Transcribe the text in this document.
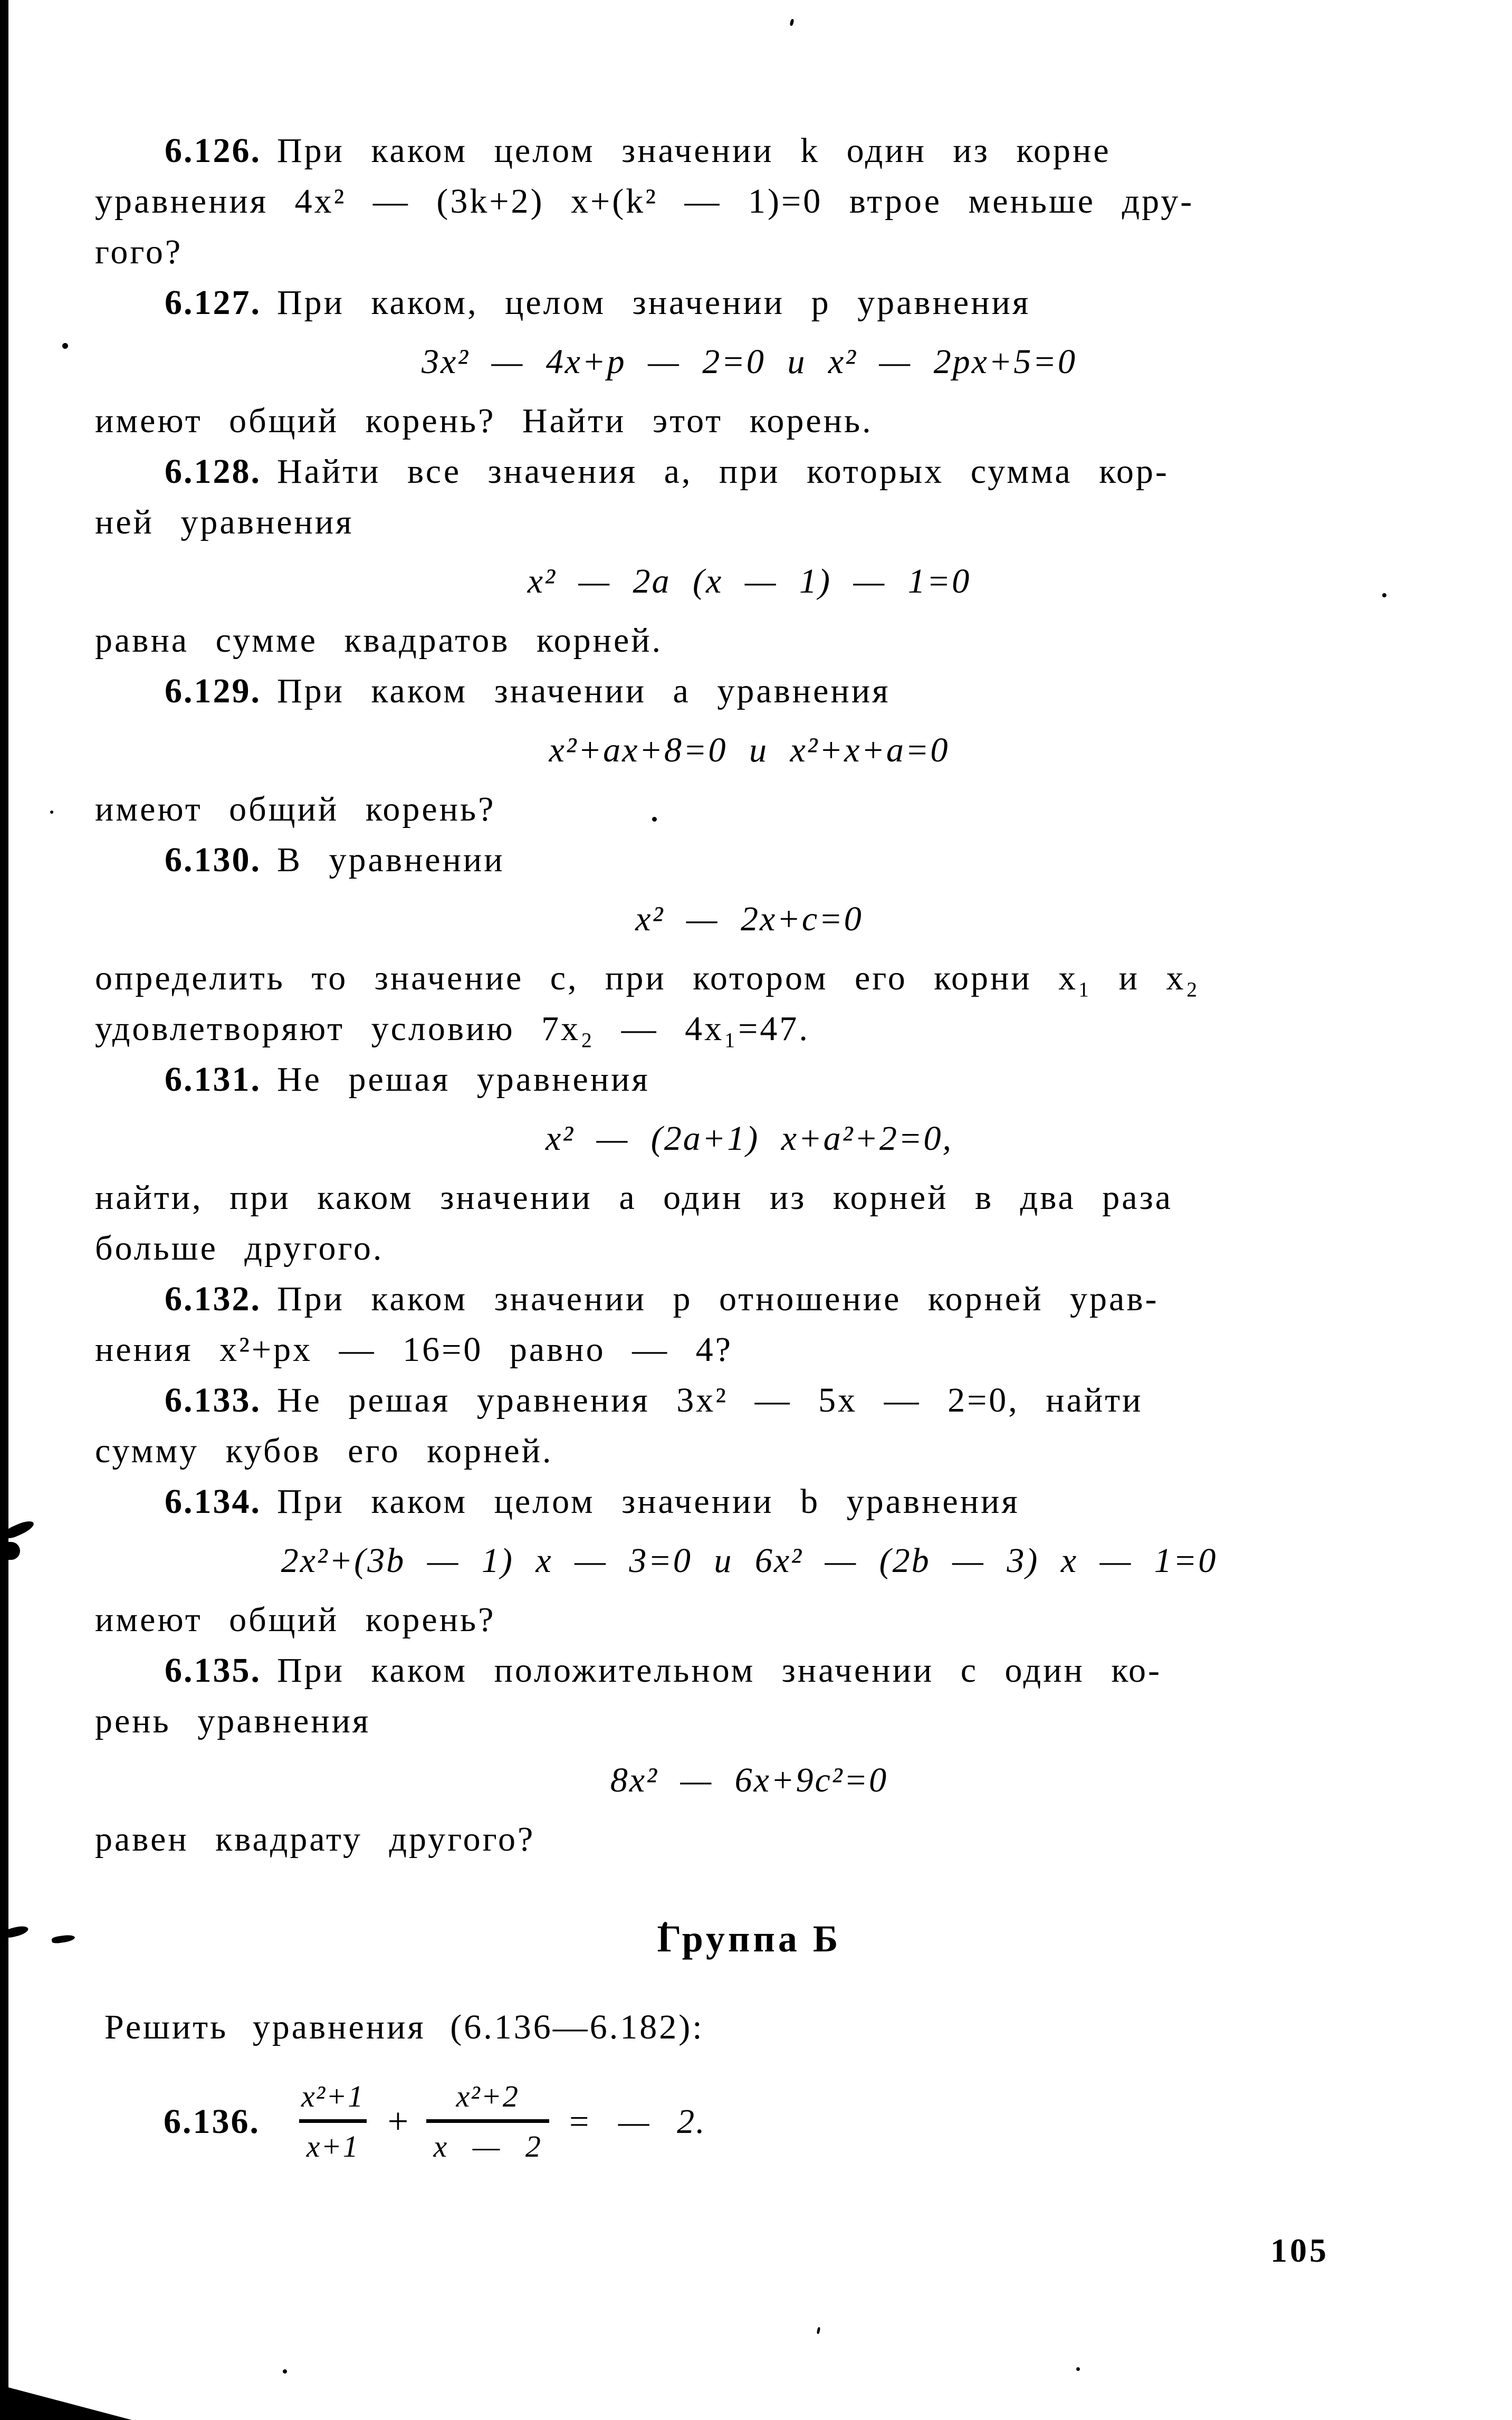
6.126. При каком целом значении k один из корне
уравнения 4x² — (3k+2) x+(k² — 1)=0 втрое меньше дру-
гого?
6.127. При каком, целом значении p уравнения
3x² — 4x+p — 2=0 и x² — 2px+5=0
имеют общий корень? Найти этот корень.
6.128. Найти все значения a, при которых сумма кор-
ней уравнения
x² — 2a (x — 1) — 1=0
равна сумме квадратов корней.
6.129. При каком значении a уравнения
x²+ax+8=0 и x²+x+a=0
имеют общий корень?
6.130. В уравнении
x² — 2x+c=0
определить то значение c, при котором его корни x₁ и x₂
удовлетворяют условию 7x₂ — 4x₁=47.
6.131. Не решая уравнения
x² — (2a+1) x+a²+2=0,
найти, при каком значении a один из корней в два раза
больше другого.
6.132. При каком значении p отношение корней урав-
нения x²+px — 16=0 равно — 4?
6.133. Не решая уравнения 3x² — 5x — 2=0, найти
сумму кубов его корней.
6.134. При каком целом значении b уравнения
2x²+(3b — 1) x — 3=0 и 6x² — (2b — 3) x — 1=0
имеют общий корень?
6.135. При каком положительном значении c один ко-
рень уравнения
8x² — 6x+9c²=0
равен квадрату другого?
Группа Б
Решить уравнения (6.136—6.182):
6.136. $\frac{\text{x²+1}}{x+1} + \frac{\text{x²+2}}{x — 2}$ = — 2.
105
